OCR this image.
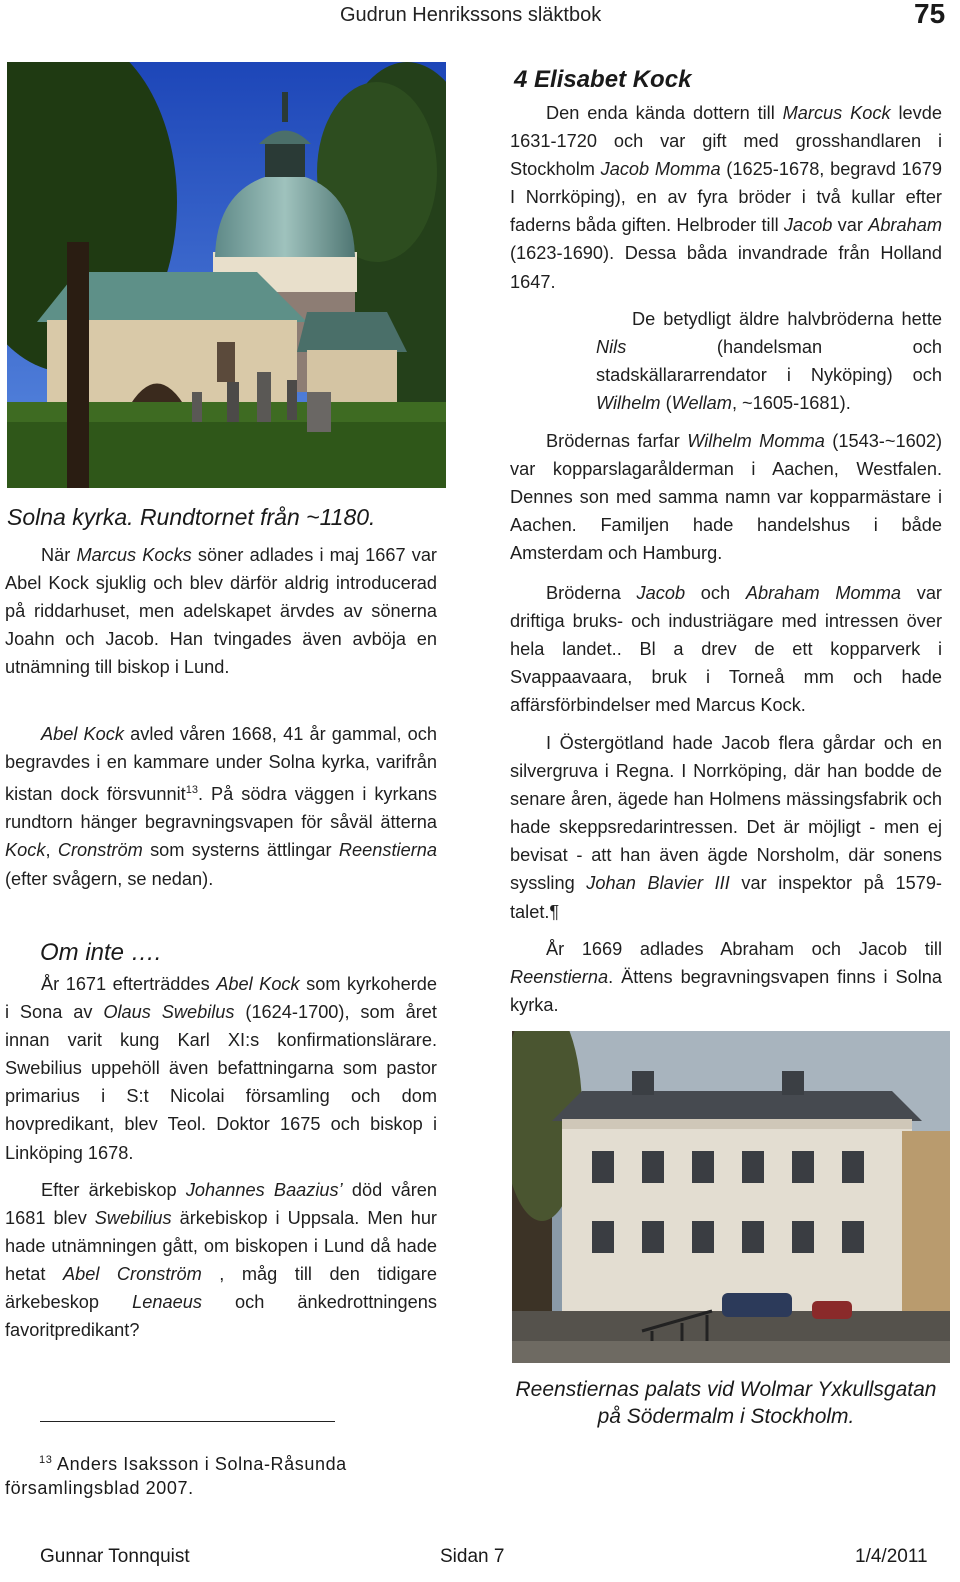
Gudrun Henrikssons släktbok	75
Solna kyrka. Rundtornet från ~1180.

När Marcus Kocks söner adlades i maj 1667 var Abel Kock sjuklig och blev därför aldrig introducerad på riddarhuset, men adelskapet ärvdes av sönerna Joahn och Jacob. Han tvingades även avböja en utnämning till biskop i Lund.

Abel Kock avled våren 1668, 41 år gammal, och begravdes i en kammare under Solna kyrka, varifrån kistan dock försvunnit$^{13}$. På södra väggen i kyrkans rundtorn hänger begravningsvapen för såväl ätterna Kock, Cronström som systerns ättlingar Reenstierna (efter svågern, se nedan).

Om inte ….

År 1671 efterträddes Abel Kock som kyrkoherde i Sona av Olaus Swebilus (1624-1700), som året innan varit kung Karl XI:s konfirmationslärare. Swebilius uppehöll även befattningarna som pastor primarius i S:t Nicolai församling och dom hovpredikant, blev Teol. Doktor 1675 och biskop i Linköping 1678.

Efter ärkebiskop Johannes Baazius’ död våren 1681 blev Swebilius ärkebiskop i Uppsala. Men hur hade utnämningen gått, om biskopen i Lund då hade hetat Abel Cronström , måg till den tidigare ärkebeskop Lenaeus och änkedrottningens favoritpredikant?

$^{13}$ Anders Isaksson i Solna-Råsunda församlingsblad 2007.
4 Elisabet Kock

Den enda kända dottern till Marcus Kock levde 1631-1720 och var gift med grosshandlaren i Stockholm Jacob Momma (1625-1678, begravd 1679 I Norrköping), en av fyra bröder i två kullar efter faderns båda giften. Helbroder till Jacob var Abraham (1623-1690). Dessa båda invandrade från Holland 1647.

De betydligt äldre halvbröderna hette Nils (handelsman och stadskällararrendator i Nyköping) och Wilhelm (Wellam, ~1605-1681).

Brödernas farfar Wilhelm Momma (1543-~1602) var kopparslagarålderman i Aachen, Westfalen. Dennes son med samma namn var kopparmästare i Aachen. Familjen hade handelshus i både Amsterdam och Hamburg.

Bröderna Jacob och Abraham Momma var driftiga bruks- och industriägare med intressen över hela landet.. Bl a drev de ett kopparverk i Svappaavaara, bruk i Torneå mm och hade affärsförbindelser med Marcus Kock.

I Östergötland hade Jacob flera gårdar och en silvergruva i Regna. I Norrköping, där han bodde de senare åren, ägede han Holmens mässingsfabrik och hade skeppsredarintressen. Det är möjligt - men ej bevisat - att han även ägde Norsholm, där sonens syssling Johan Blavier III var inspektor på 1579-talet.¶

År 1669 adlades Abraham och Jacob till Reenstierna. Ättens begravningsvapen finns i Solna kyrka.

Reenstiernas palats vid Wolmar Yxkullsgatan på Södermalm i Stockholm.
Gunnar Tonnquist	Sidan 7	1/4/2011
